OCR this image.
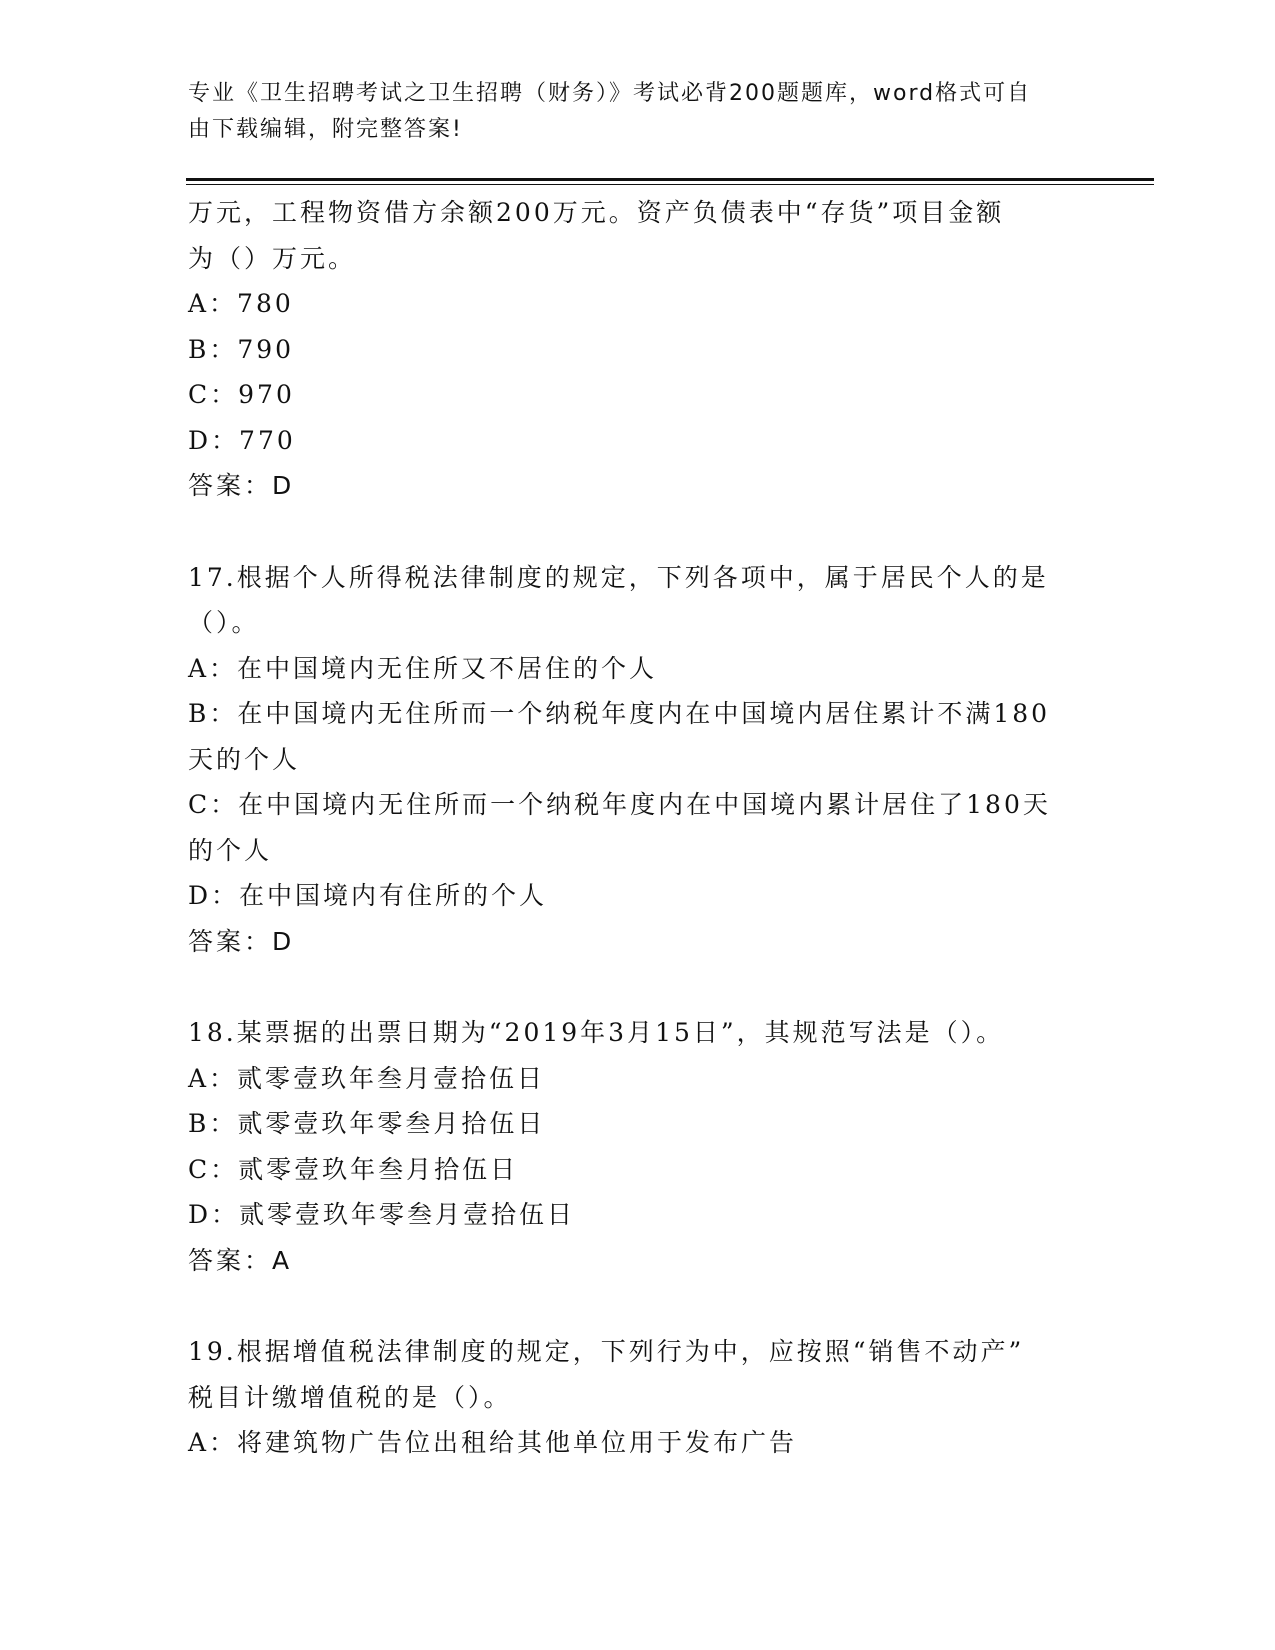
专业《卫生招聘考试之卫生招聘（财务）》考试必背200题题库，word格式可自
由下载编辑，附完整答案!
万元，工程物资借方余额200万元。资产负债表中“存货”项目金额
为（）万元。
A：780
B：790
C：970
D：770
答案：D
17.根据个人所得税法律制度的规定，下列各项中，属于居民个人的是
（）。
A：在中国境内无住所又不居住的个人
B：在中国境内无住所而一个纳税年度内在中国境内居住累计不满180
天的个人
C：在中国境内无住所而一个纳税年度内在中国境内累计居住了180天
的个人
D：在中国境内有住所的个人
答案：D
18.某票据的出票日期为“2019年3月15日”，其规范写法是（）。
A：贰零壹玖年叁月壹拾伍日
B：贰零壹玖年零叁月拾伍日
C：贰零壹玖年叁月拾伍日
D：贰零壹玖年零叁月壹拾伍日
答案：A
19.根据增值税法律制度的规定，下列行为中，应按照“销售不动产”
税目计缴增值税的是（）。
A：将建筑物广告位出租给其他单位用于发布广告
